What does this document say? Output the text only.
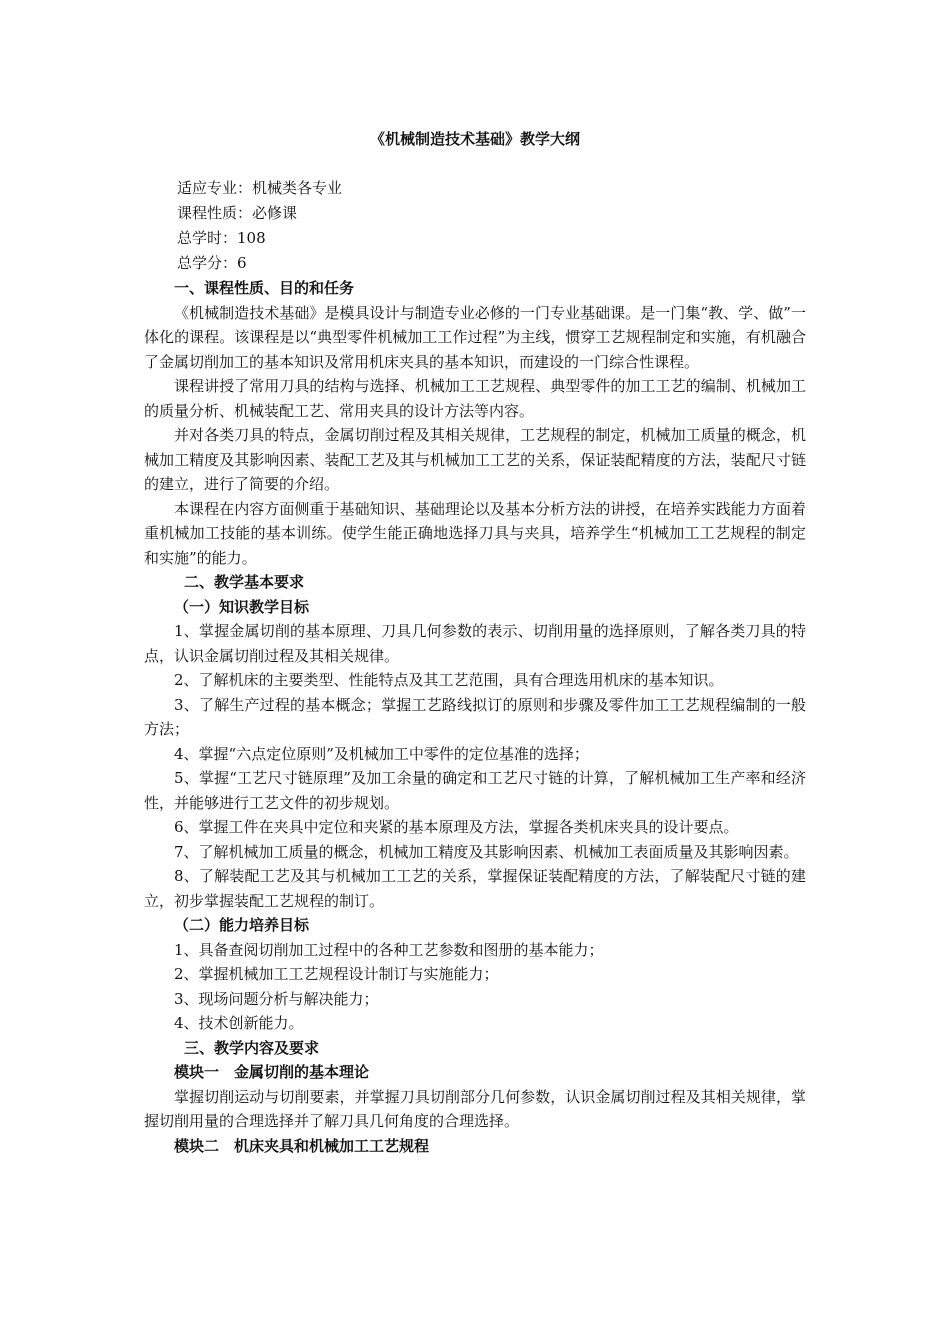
《机械制造技术基础》教学大纲
适应专业：机械类各专业
课程性质：必修课
总学时：108
总学分：6

一、课程性质、目的和任务

《机械制造技术基础》是模具设计与制造专业必修的一门专业基础课。是一门集“教、学、做”一体化的课程。该课程是以“典型零件机械加工工作过程”为主线，惯穿工艺规程制定和实施，有机融合了金属切削加工的基本知识及常用机床夹具的基本知识，而建设的一门综合性课程。

课程讲授了常用刀具的结构与选择、机械加工工艺规程、典型零件的加工工艺的编制、机械加工的质量分析、机械装配工艺、常用夹具的设计方法等内容。

并对各类刀具的特点，金属切削过程及其相关规律，工艺规程的制定，机械加工质量的概念，机械加工精度及其影响因素、装配工艺及其与机械加工工艺的关系，保证装配精度的方法，装配尺寸链的建立，进行了简要的介绍。

本课程在内容方面侧重于基础知识、基础理论以及基本分析方法的讲授，在培养实践能力方面着重机械加工技能的基本训练。使学生能正确地选择刀具与夹具，培养学生“机械加工工艺规程的制定和实施”的能力。

二、教学基本要求

（一）知识教学目标

1、掌握金属切削的基本原理、刀具几何参数的表示、切削用量的选择原则，了解各类刀具的特点，认识金属切削过程及其相关规律。

2、了解机床的主要类型、性能特点及其工艺范围，具有合理选用机床的基本知识。

3、了解生产过程的基本概念；掌握工艺路线拟订的原则和步骤及零件加工工艺规程编制的一般方法；

4、掌握“六点定位原则”及机械加工中零件的定位基准的选择；

5、掌握“工艺尺寸链原理”及加工余量的确定和工艺尺寸链的计算，了解机械加工生产率和经济性，并能够进行工艺文件的初步规划。

6、掌握工件在夹具中定位和夹紧的基本原理及方法，掌握各类机床夹具的设计要点。

7、了解机械加工质量的概念，机械加工精度及其影响因素、机械加工表面质量及其影响因素。

8、了解装配工艺及其与机械加工工艺的关系，掌握保证装配精度的方法，了解装配尺寸链的建立，初步掌握装配工艺规程的制订。

（二）能力培养目标

1、具备查阅切削加工过程中的各种工艺参数和图册的基本能力；

2、掌握机械加工工艺规程设计制订与实施能力；

3、现场问题分析与解决能力；

4、技术创新能力。

三、教学内容及要求

模块一　金属切削的基本理论

掌握切削运动与切削要素，并掌握刀具切削部分几何参数，认识金属切削过程及其相关规律，掌握切削用量的合理选择并了解刀具几何角度的合理选择。

模块二　机床夹具和机械加工工艺规程
